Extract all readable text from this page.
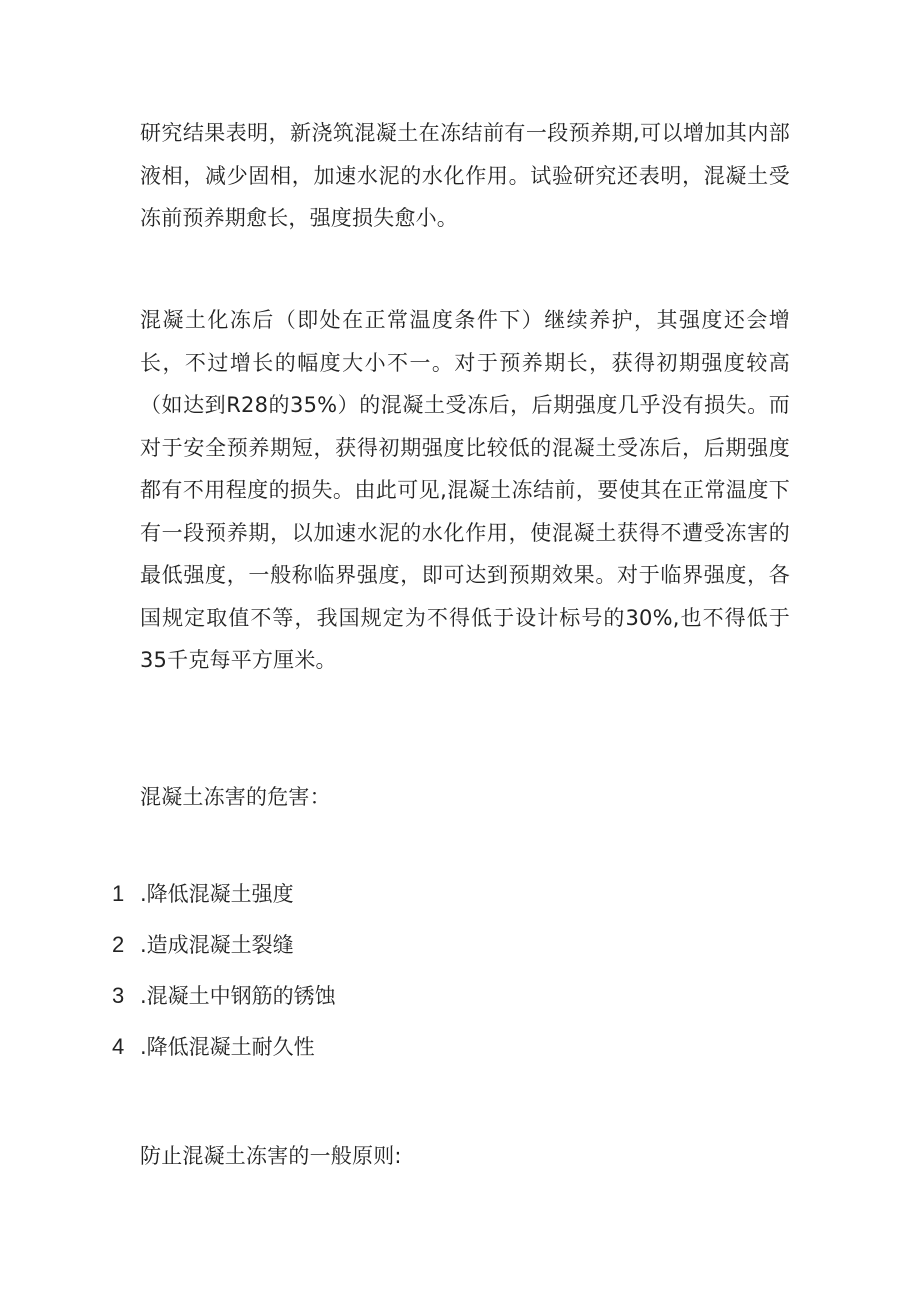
研究结果表明，新浇筑混凝土在冻结前有一段预养期,可以增加其内部液相，减少固相，加速水泥的水化作用。试验研究还表明，混凝土受冻前预养期愈长，强度损失愈小。

混凝土化冻后（即处在正常温度条件下）继续养护，其强度还会增长，不过增长的幅度大小不一。对于预养期长，获得初期强度较高（如达到R28的35%）的混凝土受冻后，后期强度几乎没有损失。而对于安全预养期短，获得初期强度比较低的混凝土受冻后，后期强度都有不用程度的损失。由此可见,混凝土冻结前，要使其在正常温度下有一段预养期，以加速水泥的水化作用，使混凝土获得不遭受冻害的最低强度，一般称临界强度，即可达到预期效果。对于临界强度，各国规定取值不等，我国规定为不得低于设计标号的30%,也不得低于35千克每平方厘米。

混凝土冻害的危害：

1 .降低混凝土强度
2 .造成混凝土裂缝
3 .混凝土中钢筋的锈蚀
4 .降低混凝土耐久性

防止混凝土冻害的一般原则:
